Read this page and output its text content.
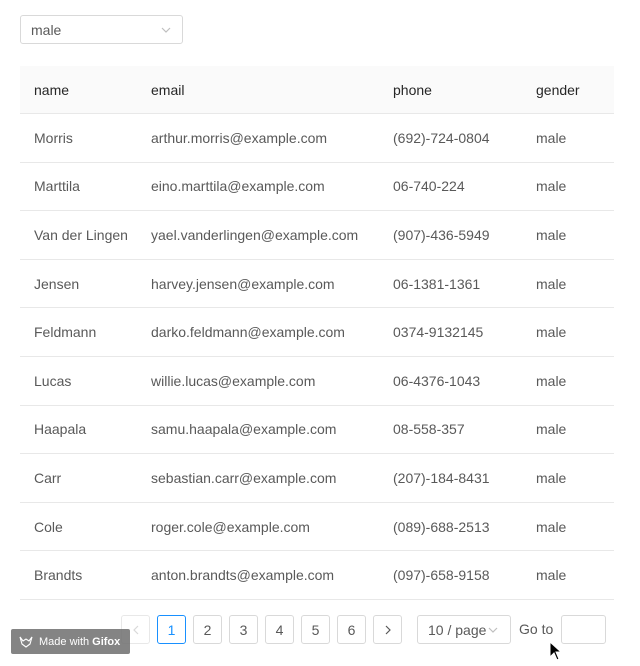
male
name	email	phone	gender
Morris	arthur.morris@example.com	(692)-724-0804	male
Marttila	eino.marttila@example.com	06-740-224	male
Van der Lingen	yael.vanderlingen@example.com	(907)-436-5949	male
Jensen	harvey.jensen@example.com	06-1381-1361	male
Feldmann	darko.feldmann@example.com	0374-9132145	male
Lucas	willie.lucas@example.com	06-4376-1043	male
Haapala	samu.haapala@example.com	08-558-357	male
Carr	sebastian.carr@example.com	(207)-184-8431	male
Cole	roger.cole@example.com	(089)-688-2513	male
Brandts	anton.brandts@example.com	(097)-658-9158	male
1	2	3	4	5	6	10 / page Go to
Made with Gifox
